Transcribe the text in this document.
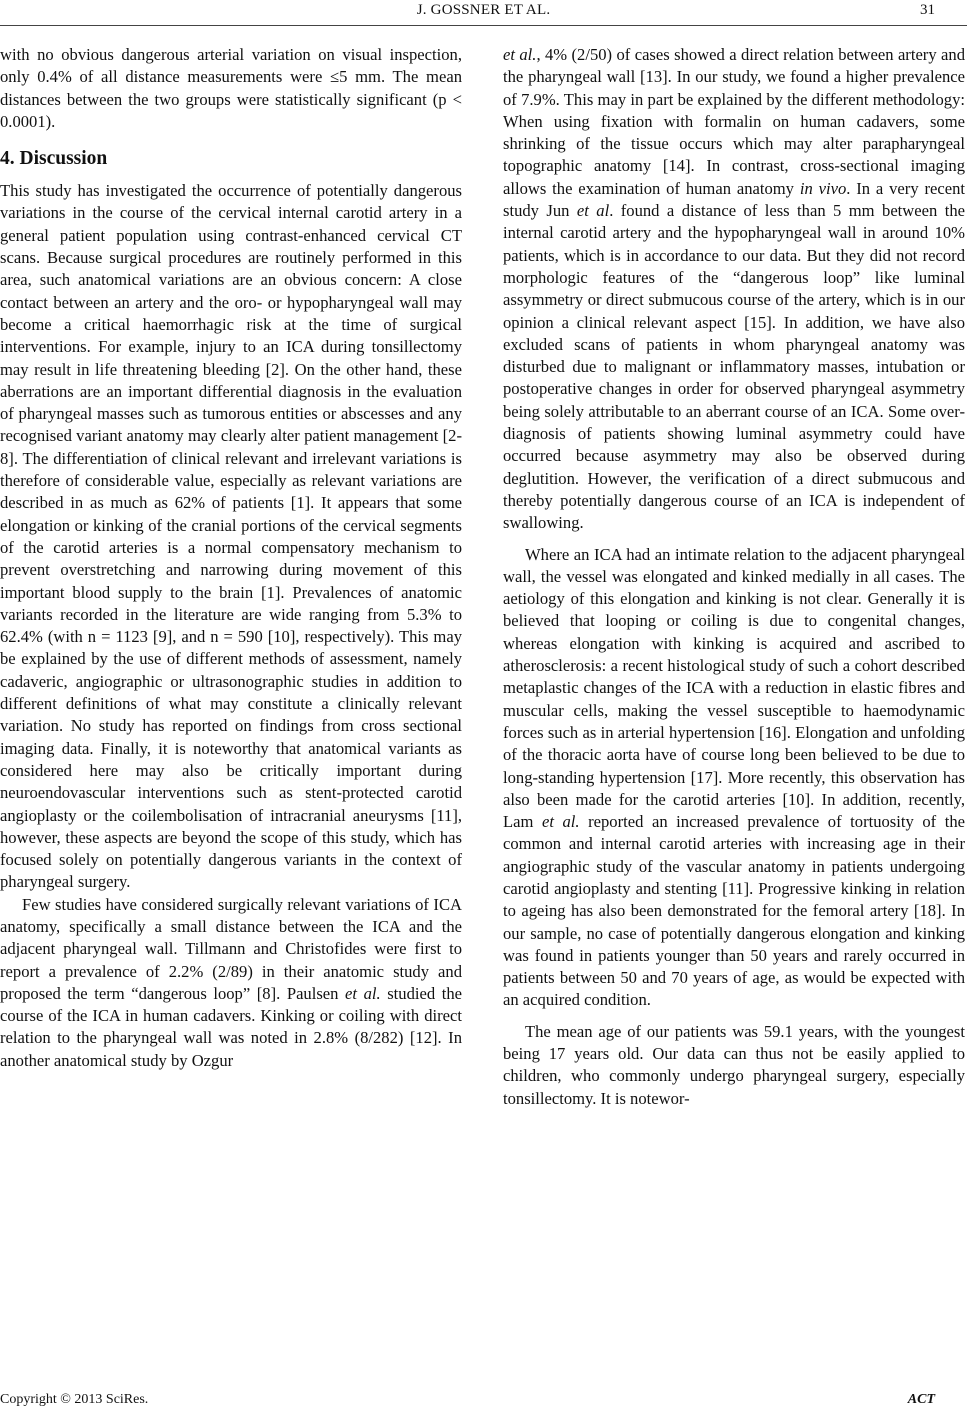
J. GOSSNER ET AL.	31

with no obvious dangerous arterial variation on visual inspection, only 0.4% of all distance measurements were ≤5 mm. The mean distances between the two groups were statistically significant (p < 0.0001).

4. Discussion

This study has investigated the occurrence of potentially dangerous variations in the course of the cervical internal carotid artery in a general patient population using contrast-enhanced cervical CT scans. Because surgical procedures are routinely performed in this area, such anatomical variations are an obvious concern: A close contact between an artery and the oro- or hypopharyngeal wall may become a critical haemorrhagic risk at the time of surgical interventions. For example, injury to an ICA during tonsillectomy may result in life threatening bleeding [2]. On the other hand, these aberrations are an important differential diagnosis in the evaluation of pharyngeal masses such as tumorous entities or abscesses and any recognised variant anatomy may clearly alter patient management [2-8]. The differentiation of clinical relevant and irrelevant variations is therefore of considerable value, especially as relevant variations are described in as much as 62% of patients [1]. It appears that some elongation or kinking of the cranial portions of the cervical segments of the carotid arteries is a normal compensatory mechanism to prevent overstretching and narrowing during movement of this important blood supply to the brain [1]. Prevalences of anatomic variants recorded in the literature are wide ranging from 5.3% to 62.4% (with n = 1123 [9], and n = 590 [10], respectively). This may be explained by the use of different methods of assessment, namely cadaveric, angiographic or ultrasonographic studies in addition to different definitions of what may constitute a clinically relevant variation. No study has reported on findings from cross sectional imaging data. Finally, it is noteworthy that anatomical variants as considered here may also be critically important during neuroendovascular interventions such as stent-protected carotid angioplasty or the coilembolisation of intracranial aneurysms [11], however, these aspects are beyond the scope of this study, which has focused solely on potentially dangerous variants in the context of pharyngeal surgery.

Few studies have considered surgically relevant variations of ICA anatomy, specifically a small distance between the ICA and the adjacent pharyngeal wall. Tillmann and Christofides were first to report a prevalence of 2.2% (2/89) in their anatomic study and proposed the term “dangerous loop” [8]. Paulsen et al. studied the course of the ICA in human cadavers. Kinking or coiling with direct relation to the pharyngeal wall was noted in 2.8% (8/282) [12]. In another anatomical study by Ozgur

et al., 4% (2/50) of cases showed a direct relation between artery and the pharyngeal wall [13]. In our study, we found a higher prevalence of 7.9%. This may in part be explained by the different methodology: When using fixation with formalin on human cadavers, some shrinking of the tissue occurs which may alter parapharyngeal topographic anatomy [14]. In contrast, cross-sectional imaging allows the examination of human anatomy in vivo. In a very recent study Jun et al. found a distance of less than 5 mm between the internal carotid artery and the hypopharyngeal wall in around 10% patients, which is in accordance to our data. But they did not record morphologic features of the “dangerous loop” like luminal assymmetry or direct submucous course of the artery, which is in our opinion a clinical relevant aspect [15]. In addition, we have also excluded scans of patients in whom pharyngeal anatomy was disturbed due to malignant or inflammatory masses, intubation or postoperative changes in order for observed pharyngeal asymmetry being solely attributable to an aberrant course of an ICA. Some over-diagnosis of patients showing luminal asymmetry could have occurred because asymmetry may also be observed during deglutition. However, the verification of a direct submucous and thereby potentially dangerous course of an ICA is independent of swallowing.

Where an ICA had an intimate relation to the adjacent pharyngeal wall, the vessel was elongated and kinked medially in all cases. The aetiology of this elongation and kinking is not clear. Generally it is believed that looping or coiling is due to congenital changes, whereas elongation with kinking is acquired and ascribed to atherosclerosis: a recent histological study of such a cohort described metaplastic changes of the ICA with a reduction in elastic fibres and muscular cells, making the vessel susceptible to haemodynamic forces such as in arterial hypertension [16]. Elongation and unfolding of the thoracic aorta have of course long been believed to be due to long-standing hypertension [17]. More recently, this observation has also been made for the carotid arteries [10]. In addition, recently, Lam et al. reported an increased prevalence of tortuosity of the common and internal carotid arteries with increasing age in their angiographic study of the vascular anatomy in patients undergoing carotid angioplasty and stenting [11]. Progressive kinking in relation to ageing has also been demonstrated for the femoral artery [18]. In our sample, no case of potentially dangerous elongation and kinking was found in patients younger than 50 years and rarely occurred in patients between 50 and 70 years of age, as would be expected with an acquired condition.

The mean age of our patients was 59.1 years, with the youngest being 17 years old. Our data can thus not be easily applied to children, who commonly undergo pharyngeal surgery, especially tonsillectomy. It is notewor-

Copyright © 2013 SciRes.	ACT
